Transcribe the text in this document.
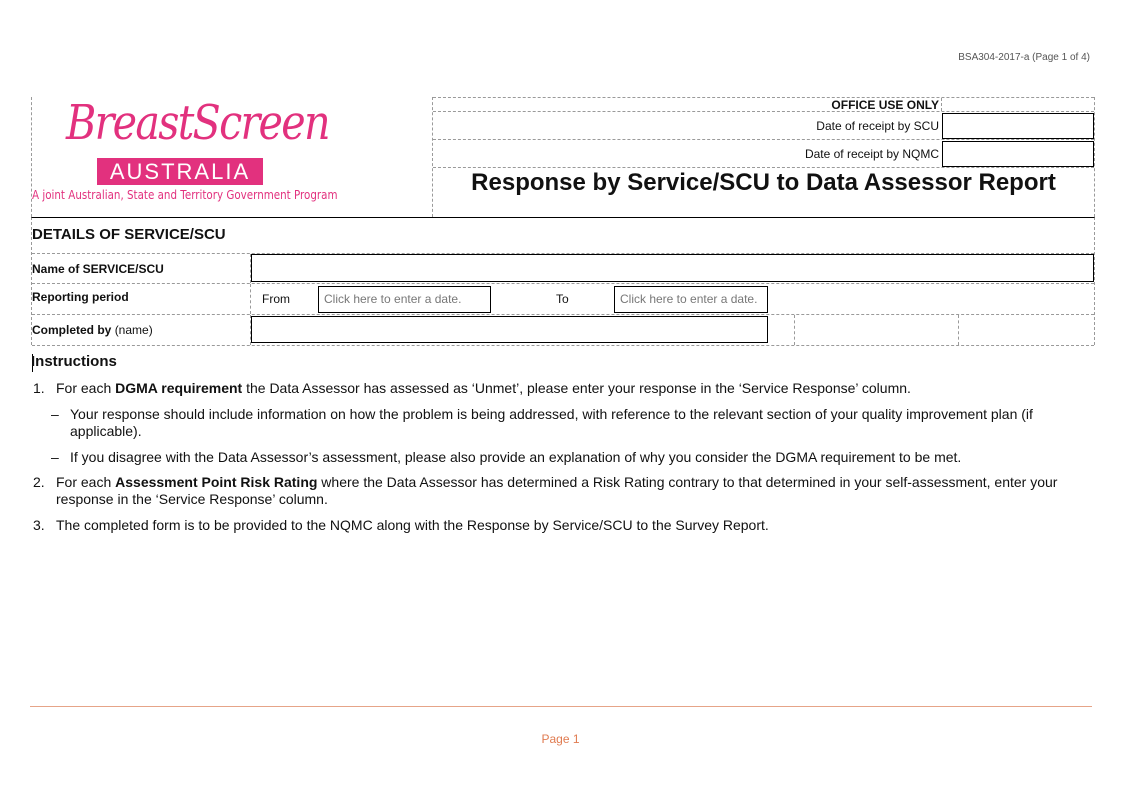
BSA304-2017-a (Page 1 of 4)
BreastScreen
AUSTRALIA
A joint Australian, State and Territory Government Program
OFFICE USE ONLY
Date of receipt by SCU
Date of receipt by NQMC
Response by Service/SCU to Data Assessor Report
DETAILS OF SERVICE/SCU
Name of SERVICE/SCU
Reporting period	From	Click here to enter a date.	To	Click here to enter a date.
Completed by (name)
Instructions
1. For each DGMA requirement the Data Assessor has assessed as ‘Unmet’, please enter your response in the ‘Service Response’ column.
– Your response should include information on how the problem is being addressed, with reference to the relevant section of your quality improvement plan (if applicable).
– If you disagree with the Data Assessor’s assessment, please also provide an explanation of why you consider the DGMA requirement to be met.
2. For each Assessment Point Risk Rating where the Data Assessor has determined a Risk Rating contrary to that determined in your self-assessment, enter your response in the ‘Service Response’ column.
3. The completed form is to be provided to the NQMC along with the Response by Service/SCU to the Survey Report.
Page 1
